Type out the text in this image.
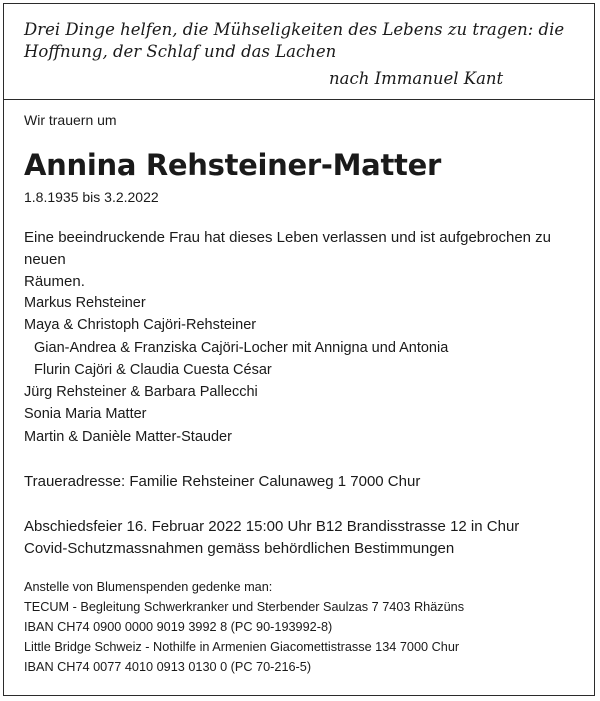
Drei Dinge helfen, die Mühseligkeiten des Lebens zu tragen: die
Hoffnung, der Schlaf und das Lachen
nach Immanuel Kant
Wir trauern um
Annina Rehsteiner-Matter
1.8.1935 bis 3.2.2022
Eine beeindruckende Frau hat dieses Leben verlassen und ist aufgebrochen zu neuen
Räumen.
Markus Rehsteiner
Maya & Christoph Cajöri-Rehsteiner
Gian-Andrea & Franziska Cajöri-Locher mit Annigna und Antonia
Flurin Cajöri & Claudia Cuesta César
Jürg Rehsteiner & Barbara Pallecchi
Sonia Maria Matter
Martin & Danièle Matter-Stauder
Traueradresse: Familie Rehsteiner Calunaweg 1 7000 Chur
Abschiedsfeier 16. Februar 2022 15:00 Uhr B12 Brandisstrasse 12 in Chur
Covid-Schutzmassnahmen gemäss behördlichen Bestimmungen
Anstelle von Blumenspenden gedenke man:
TECUM - Begleitung Schwerkranker und Sterbender Saulzas 7 7403 Rhäzüns
IBAN CH74 0900 0000 9019 3992 8 (PC 90-193992-8)
Little Bridge Schweiz - Nothilfe in Armenien Giacomettistrasse 134 7000 Chur
IBAN CH74 0077 4010 0913 0130 0 (PC 70-216-5)
